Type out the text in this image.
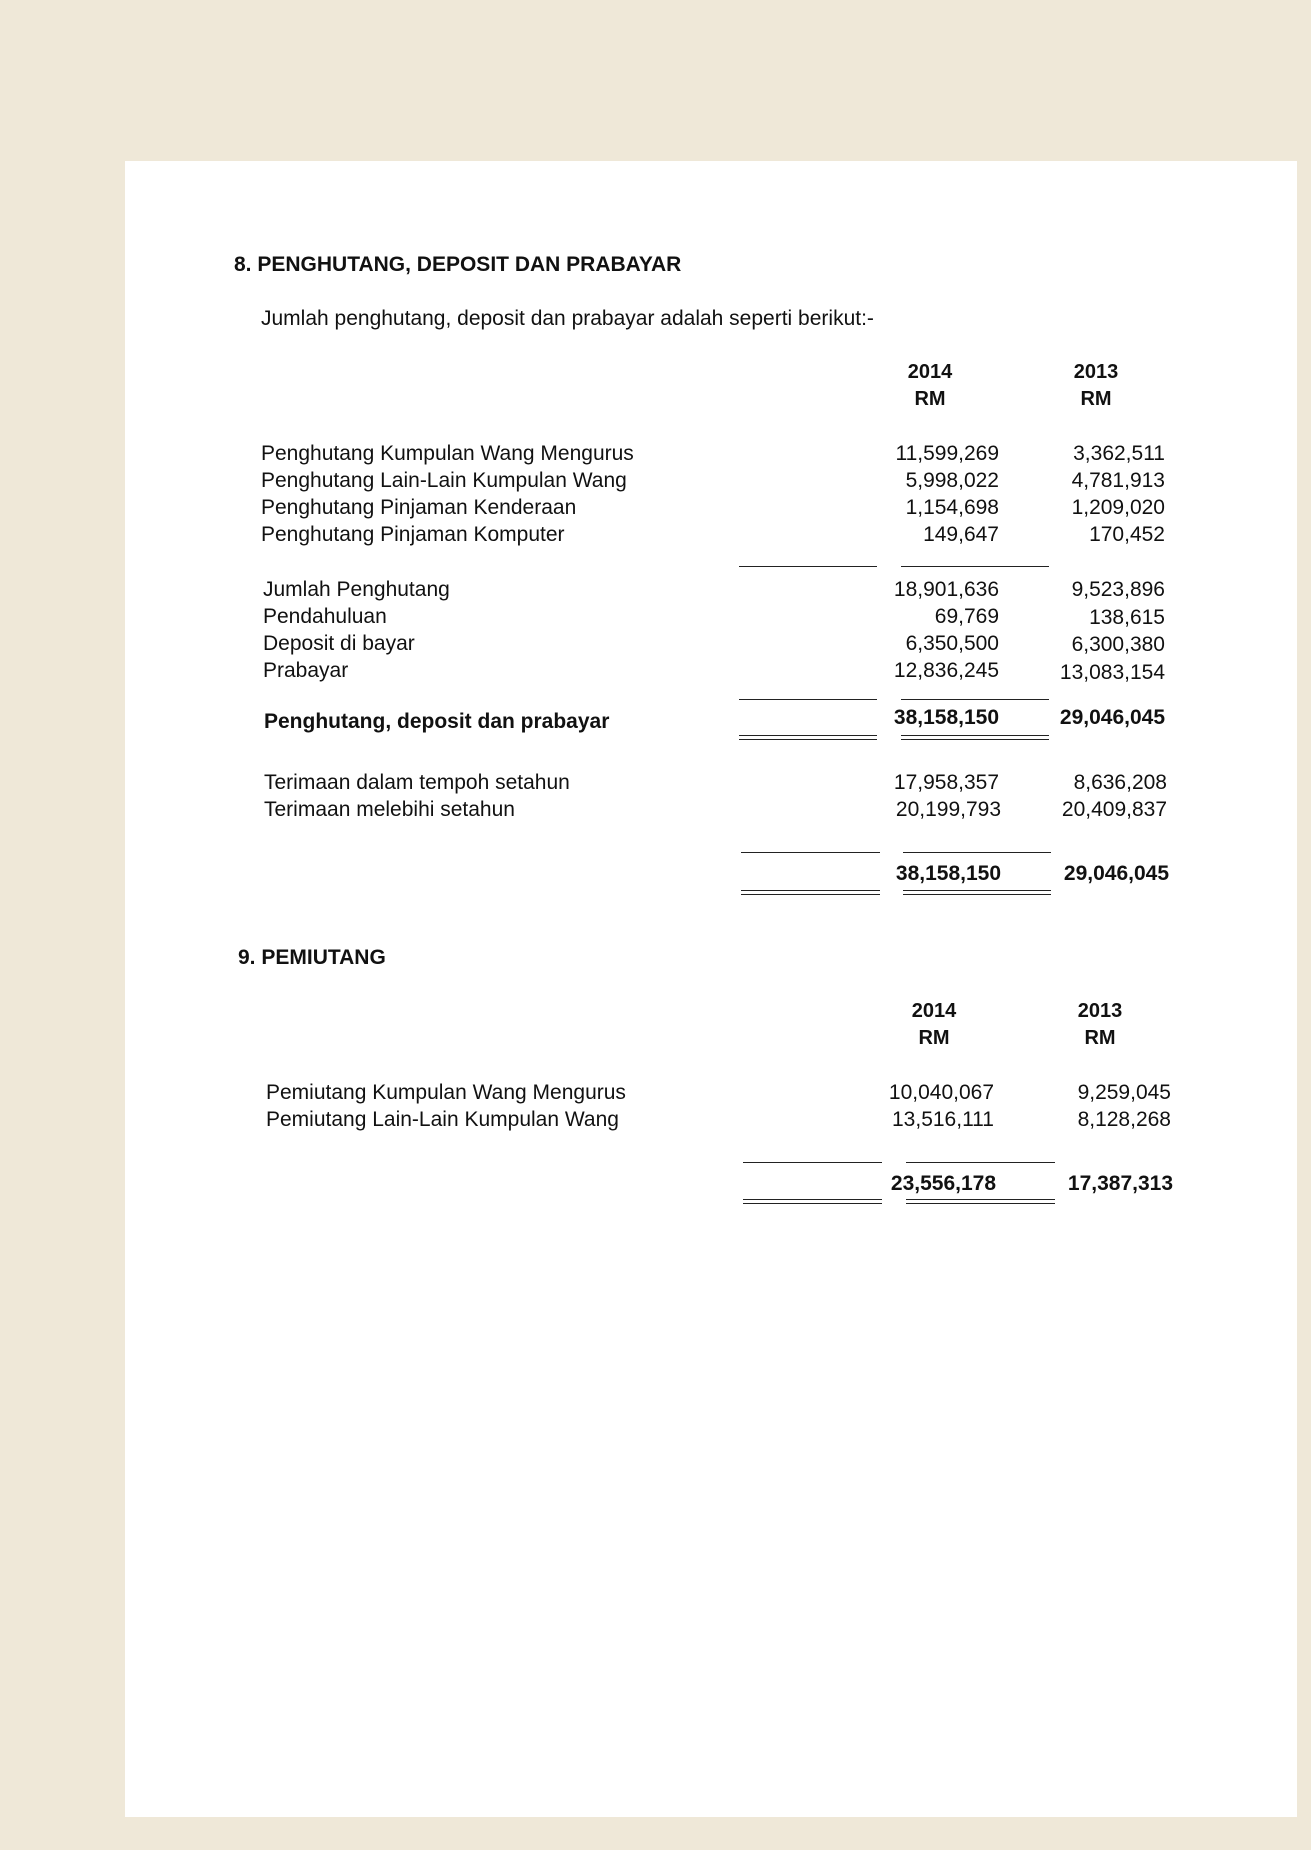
8. PENGHUTANG, DEPOSIT DAN PRABAYAR
Jumlah penghutang, deposit dan prabayar adalah seperti berikut:-
2014
RM
2013
RM
Penghutang Kumpulan Wang Mengurus	11,599,269	3,362,511
Penghutang Lain-Lain Kumpulan Wang	5,998,022	4,781,913
Penghutang Pinjaman Kenderaan	1,154,698	1,209,020
Penghutang Pinjaman Komputer	149,647	170,452
Jumlah Penghutang	18,901,636	9,523,896
Pendahuluan	69,769	138,615
Deposit di bayar	6,350,500	6,300,380
Prabayar	12,836,245	13,083,154
Penghutang, deposit dan prabayar	38,158,150	29,046,045
Terimaan dalam tempoh setahun	17,958,357	8,636,208
Terimaan melebihi setahun	20,199,793	20,409,837
38,158,150	29,046,045
9. PEMIUTANG
2014
RM
2013
RM
Pemiutang Kumpulan Wang Mengurus	10,040,067	9,259,045
Pemiutang Lain-Lain Kumpulan Wang	13,516,111	8,128,268
23,556,178	17,387,313
